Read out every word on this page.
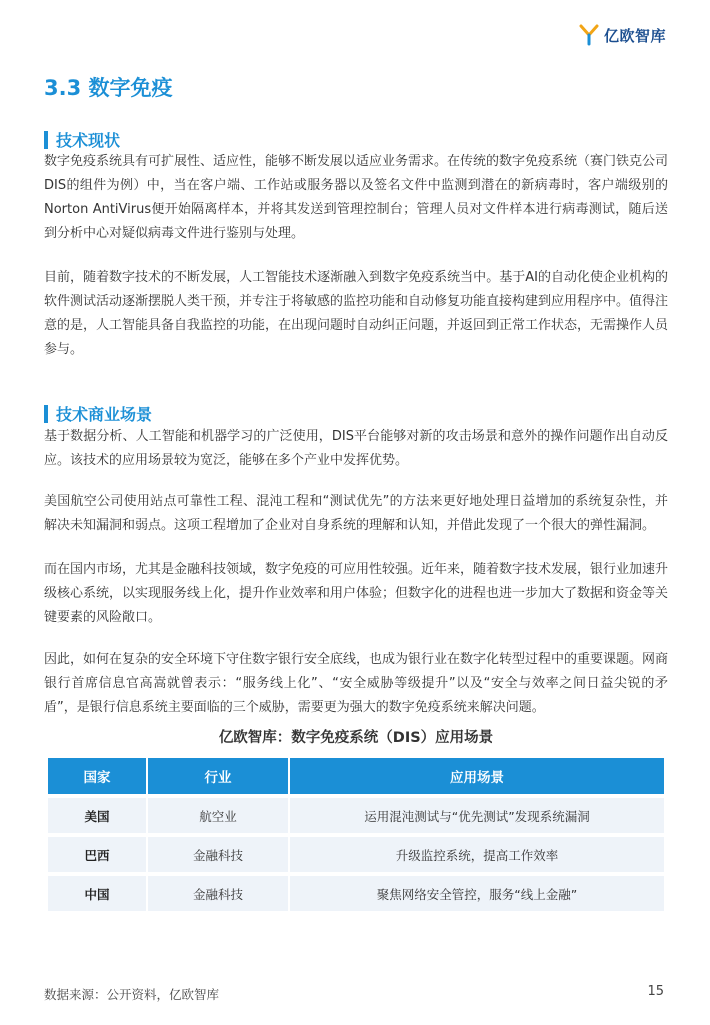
亿欧智库
3.3 数字免疫
技术现状

数字免疫系统具有可扩展性、适应性，能够不断发展以适应业务需求。在传统的数字免疫系统（赛门铁克公司DIS的组件为例）中，当在客户端、工作站或服务器以及签名文件中监测到潜在的新病毒时，客户端级别的Norton AntiVirus便开始隔离样本，并将其发送到管理控制台；管理人员对文件样本进行病毒测试，随后送到分析中心对疑似病毒文件进行鉴别与处理。

目前，随着数字技术的不断发展，人工智能技术逐渐融入到数字免疫系统当中。基于AI的自动化使企业机构的软件测试活动逐渐摆脱人类干预，并专注于将敏感的监控功能和自动修复功能直接构建到应用程序中。值得注意的是，人工智能具备自我监控的功能，在出现问题时自动纠正问题，并返回到正常工作状态，无需操作人员参与。

技术商业场景

基于数据分析、人工智能和机器学习的广泛使用，DIS平台能够对新的攻击场景和意外的操作问题作出自动反应。该技术的应用场景较为宽泛，能够在多个产业中发挥优势。

美国航空公司使用站点可靠性工程、混沌工程和“测试优先”的方法来更好地处理日益增加的系统复杂性，并解决未知漏洞和弱点。这项工程增加了企业对自身系统的理解和认知，并借此发现了一个很大的弹性漏洞。

而在国内市场，尤其是金融科技领域，数字免疫的可应用性较强。近年来，随着数字技术发展，银行业加速升级核心系统，以实现服务线上化，提升作业效率和用户体验；但数字化的进程也进一步加大了数据和资金等关键要素的风险敞口。

因此，如何在复杂的安全环境下守住数字银行安全底线，也成为银行业在数字化转型过程中的重要课题。网商银行首席信息官高嵩就曾表示：“服务线上化”、“安全威胁等级提升”以及“安全与效率之间日益尖锐的矛盾”，是银行信息系统主要面临的三个威胁，需要更为强大的数字免疫系统来解决问题。

亿欧智库：数字免疫系统（DIS）应用场景
国家	行业	应用场景
美国	航空业	运用混沌测试与“优先测试”发现系统漏洞
巴西	金融科技	升级监控系统，提高工作效率
中国	金融科技	聚焦网络安全管控，服务“线上金融”
数据来源：公开资料，亿欧智库	15
